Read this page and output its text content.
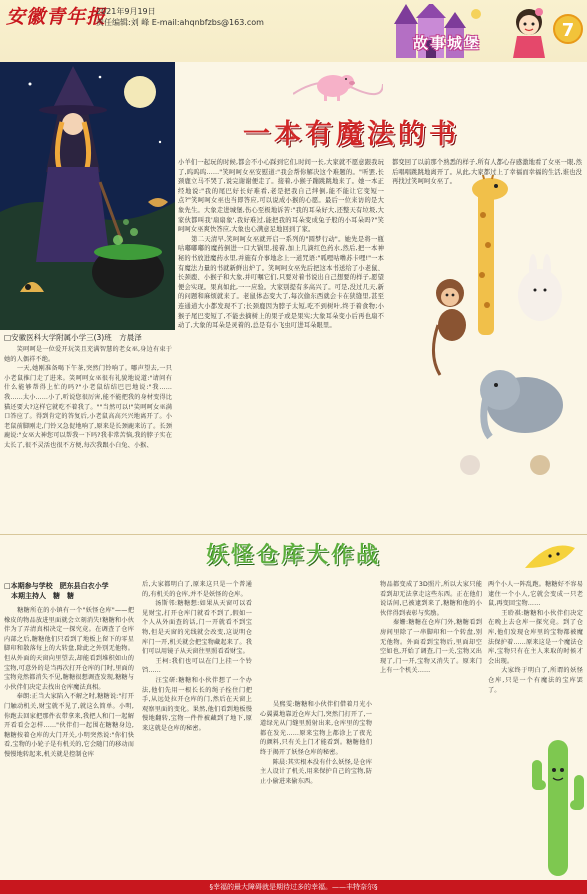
安徽青年报
2021年9月19日
责任编辑:刘 峰 E-mail:ahqnbfzbs@163.com
故事城堡
7
□安徽医科大学附属小学三(3)班　方晨泽
一本有魔法的书
　　笑呵呵是一位爱开玩笑且充满智慧的老女巫,身边有束于她的人偶祥不绝。
　　一天,她刚准备喝下午茶,突然门铃响了。哪声望去,一只小老鼠推门走了进来。笑呵呵女巫很有礼貌地说道:"请问有什么能够帮得上忙的吗?"小老鼠结结巴巴地说:"我……我……太小……小了,听说您很厉害,能不能把我的身材变得比猫还要大?这样它就吃不着我了。""当然可以!"笑呵呵女巫满口答应了。得到肯定的答复后,小老鼠高高兴兴地离开了。小老鼠前脚刚走,门铃又急促地响了,原来是长颈鹿来访了。长颈鹿说:"女巫大神您可以帮我一下吗?我非常苦恼,我的脖子实在太长了,很不灵活也很不方便,每次我跟小白兔、小猴、
小羊们一起玩的时候,都会不小心踩到它们,时间一长,大家就不愿意跟我玩了,呜呜呜……"笑呵呵女巫安慰道:"我会帮你解决这个难题的。"听罢,长颈鹿立马不哭了,说完谢谢便走了。接着,小猴子蹦跳跳地来了。她一本正经地说:"我的尾巴好长好难看,老是把我自己绊倒,能不能让它变短一点?"笑呵呵女巫也当即答应,可以说成小猴的心愿。最后一位来访的是大象先生。大象走进城堡,伤心至极地诉苦:"我的耳朵好大,还整天有垃圾,大家伙都叫我'扇扇象',我好难过,能把我的耳朵变成兔子般的小耳朵吗?"笑呵呵女巫爽快答应,大象也心满意足地回到了家。
　　第二天清早,笑呵呵女巫就开启一系列的"圆梦行动"。她先是将一瓶咕嘟嘟嘟的魔药倒进一口大锅里,接着,加上几滴红色药水,然后,把一本神秘的书放进魔药水里,并施有介事地念上一道咒语:"呱哩咕噜苏卡哩!"一本有魔法力量的书就新鲜出炉了。笑呵呵女巫先后把这本书送给了小老鼠、长颈鹿、小猴子和大象,并叮嘱它们,只要对着书说出自己想要的样子,愿望便会实现。果真如此,一一应验。大家别提有多高兴了。可是,没过几天,新的问题和麻烦就来了。老鼠体态变大了,每次偷东西就会卡在狭缝里,甚至连通道大小都发现不了;长颈鹿因为脖子太短,吃不到树叶,终于着食物;小猴子尾巴变短了,不能去摘树上的果子或是果实;大象耳朵变小后再也扇不动了,大象的耳朵是灵着的,总是有小飞虫叮进耳朵眼里。
都变回了以前那个熟悉的样子,所有人都心存感激地看了女巫一眼,然后唱唱跳跳地离开了。从此,大家都过上了幸福而幸福的生活,谁也没再找过笑呵呵女巫了。
妖怪仓库大作战
□本期参与学校　肥东县白衣小学
　本期主持人　糖　糖
　　糖糖所在的小镇有一个"妖怪仓库"——把橡皮的物品放进里面就会立刻消失!糖糖和小伙伴为了弄清真相决定一探究竟。在调查了仓库内部之后,糖糖他们只看到了地板上留下的零星脚印和散落每上的大转盘,除此之外别无他物。但从外面的天窗向里望去,却能看到堆积如山的宝物,可意外的是当再次打开仓库的门时,里面的宝物竟然都消失不见,糖糖很想调查发现,糖糖与小伙伴们决定去找出仓库魔法真相。
　　奉朗:正当大家陷入不解之时,糖糖说:"打开门触动机关,财宝就不见了,就这么简单。小明,你跑去回家把那件衣带拿来,我把人和门一起解开看看会怎样……"伙伴们一起围在糖糖身边,糖糖按着仓库的大门开关,小明突然说:"你们快看,宝物的小轮子是有机关的,它会随门的移动而慢慢地转起来,机关就是控制仓库
后,大家都明白了,原来这只是一个普通的,有机关的仓库,并不是妖怪的仓库。
　　汤斯邻:糖糖想:如果从天窗可以看见财宝,打开仓库门就看不到了,假如一个人从外面查的话,门一开就看不到宝物,但是天窗的光线就会改变,这说明仓库门一开,机关就会把宝物藏起来了。我们可以用镜子从天窗往里照看看财宝。
　　王柯:我们也可以在门上挂一个铃铛……
　　汪宝研:糖糖和小伙伴想了一个办法,他们先用一根长长的绳子拴住门把手,从远处拉开仓库的门,然后在天窗上观察里面的变化。果然,他们看到地板慢慢地翻转,宝物一件件被藏到了地下,原来这就是仓库的秘密。
　　吴熙雯:糖糖和小伙伴们借着月光小心翼翼地靠近仓库大门,突然门打开了,一道绿光从门缝里照射出来,仓库里的宝物都在发光……原来宝物上都涂上了夜光的颜料,只有关上门才能看到。糖糖他们终于揭开了妖怪仓库的秘密。
　　陈晨:其实根本没有什么妖怪,是仓库主人设计了机关,用来保护自己的宝物,防止小偷进来偷东西。
物品都变成了3D照片,所以大家只能看到却无法拿走这些东西。正在他们说话间,已被逮到来了,糖糖和他的小伙伴得到表彰与奖励。
　　秦姗:糖糖在仓库门外,糖糖看到房间里除了一串脚印和一个转盘,别无他物。外面看到宝物后,里面却空空如也,开始了调查,门一关,宝物又出现了,门一开,宝物又消失了。原来门上有一个机关……
两个小人一阵乱跑。糖糖好不容易逮住一个小人,它就会变成一只老鼠,再变回宝物……
　　王聆祺:糖糖和小伙伴们决定在晚上去仓库一探究竟。到了仓库,他们发现仓库里的宝物都被魔法保护着……原来这是一个魔法仓库,宝物只有在主人来取的时候才会出现。
　　大家终于明白了,所谓的妖怪仓库,只是一个有魔法的宝库罢了。
§幸福的最大障碍就是期待过多的幸福。——丰特奈尔§
